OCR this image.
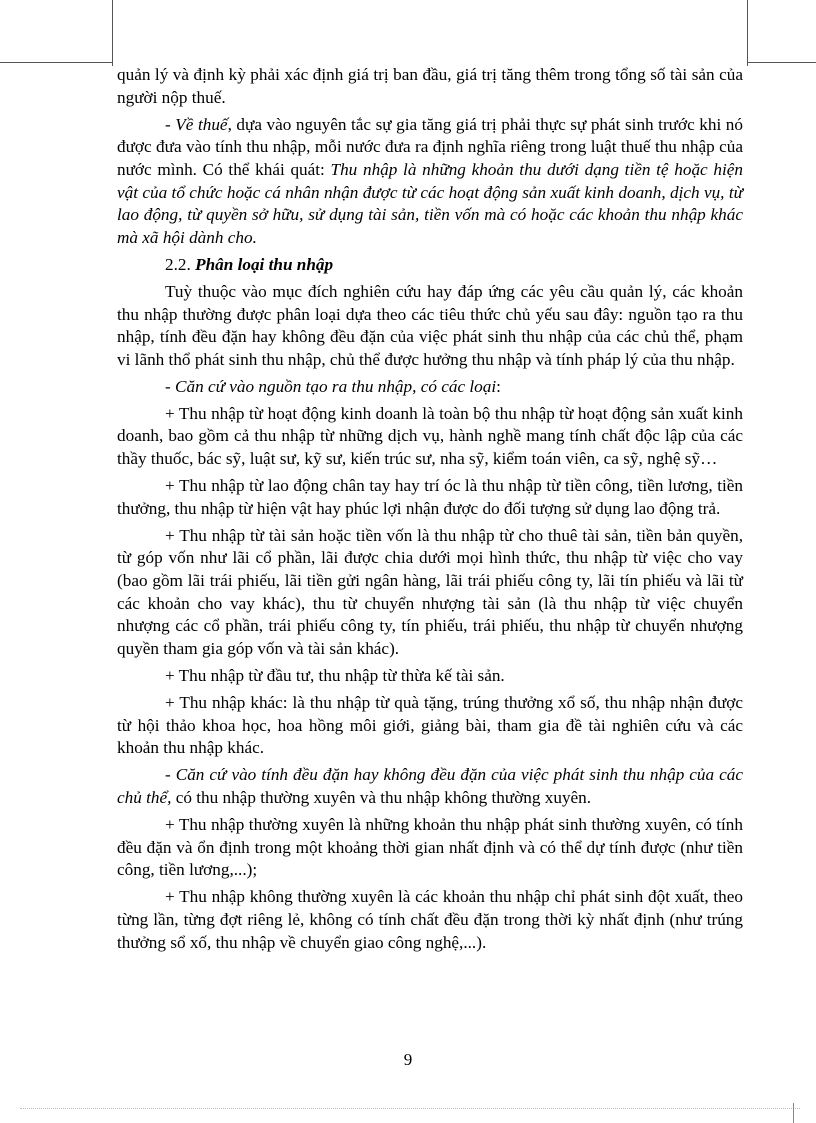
quản lý và định kỳ phải xác định giá trị ban đầu, giá trị tăng thêm trong tổng số tài sản của người nộp thuế.

- Về thuế, dựa vào nguyên tắc sự gia tăng giá trị phải thực sự phát sinh trước khi nó được đưa vào tính thu nhập, mỗi nước đưa ra định nghĩa riêng trong luật thuế thu nhập của nước mình. Có thể khái quát: Thu nhập là những khoản thu dưới dạng tiền tệ hoặc hiện vật của tổ chức hoặc cá nhân nhận được từ các hoạt động sản xuất kinh doanh, dịch vụ, từ lao động, từ quyền sở hữu, sử dụng tài sản, tiền vốn mà có hoặc các khoản thu nhập khác mà xã hội dành cho.

2.2. Phân loại thu nhập

Tuỳ thuộc vào mục đích nghiên cứu hay đáp ứng các yêu cầu quản lý, các khoản thu nhập thường được phân loại dựa theo các tiêu thức chủ yếu sau đây: nguồn tạo ra thu nhập, tính đều đặn hay không đều đặn của việc phát sinh thu nhập của các chủ thể, phạm vi lãnh thổ phát sinh thu nhập, chủ thể được hưởng thu nhập và tính pháp lý của thu nhập.

- Căn cứ vào nguồn tạo ra thu nhập, có các loại:

+ Thu nhập từ hoạt động kinh doanh là toàn bộ thu nhập từ hoạt động sản xuất kinh doanh, bao gồm cả thu nhập từ những dịch vụ, hành nghề mang tính chất độc lập của các thầy thuốc, bác sỹ, luật sư, kỹ sư, kiến trúc sư, nha sỹ, kiểm toán viên, ca sỹ, nghệ sỹ…

+ Thu nhập từ lao động chân tay hay trí óc là thu nhập từ tiền công, tiền lương, tiền thưởng, thu nhập từ hiện vật hay phúc lợi nhận được do đối tượng sử dụng lao động trả.

+ Thu nhập từ tài sản hoặc tiền vốn là thu nhập từ cho thuê tài sản, tiền bản quyền, từ góp vốn như lãi cổ phần, lãi được chia dưới mọi hình thức, thu nhập từ việc cho vay (bao gồm lãi trái phiếu, lãi tiền gửi ngân hàng, lãi trái phiếu công ty, lãi tín phiếu và lãi từ các khoản cho vay khác), thu từ chuyển nhượng tài sản (là thu nhập từ việc chuyển nhượng các cổ phần, trái phiếu công ty, tín phiếu, trái phiếu, thu nhập từ chuyển nhượng quyền tham gia góp vốn và tài sản khác).

+ Thu nhập từ đầu tư, thu nhập từ thừa kế tài sản.

+ Thu nhập khác: là thu nhập từ quà tặng, trúng thưởng xổ số, thu nhập nhận được từ hội thảo khoa học, hoa hồng môi giới, giảng bài, tham gia đề tài nghiên cứu và các khoản thu nhập khác.

- Căn cứ vào tính đều đặn hay không đều đặn của việc phát sinh thu nhập của các chủ thể, có thu nhập thường xuyên và thu nhập không thường xuyên.

+ Thu nhập thường xuyên là những khoản thu nhập phát sinh thường xuyên, có tính đều đặn và ổn định trong một khoảng thời gian nhất định và có thể dự tính được (như tiền công, tiền lương,...);

+ Thu nhập không thường xuyên là các khoản thu nhập chỉ phát sinh đột xuất, theo từng lần, từng đợt riêng lẻ, không có tính chất đều đặn trong thời kỳ nhất định (như trúng thưởng sổ xố, thu nhập về chuyển giao công nghệ,...).

9
